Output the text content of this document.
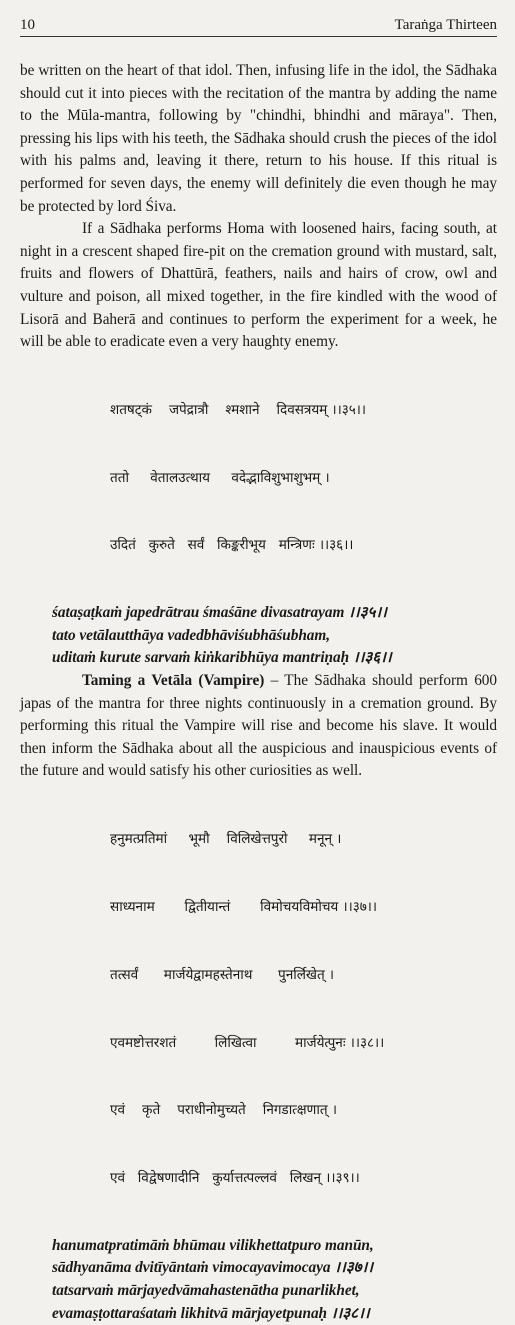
10	Taraṅga Thirteen

be written on the heart of that idol. Then, infusing life in the idol, the Sādhaka should cut it into pieces with the recitation of the mantra by adding the name to the Mūla-mantra, following by "chindhi, bhindhi and māraya". Then, pressing his lips with his teeth, the Sādhaka should crush the pieces of the idol with his palms and, leaving it there, return to his house. If this ritual is performed for seven days, the enemy will definitely die even though he may be protected by lord Śiva.

If a Sādhaka performs Homa with loosened hairs, facing south, at night in a crescent shaped fire-pit on the cremation ground with mustard, salt, fruits and flowers of Dhattūrā, feathers, nails and hairs of crow, owl and vulture and poison, all mixed together, in the fire kindled with the wood of Lisorā and Baherā and continues to perform the experiment for a week, he will be able to eradicate even a very haughty enemy.

शतषट्कं    जपेद्रात्रौ    श्मशाने    दिवसत्रयम् ।।३५।।

ततो     वेतालउत्थाय     वदेद्भाविशुभाशुभम् ।

उदितं   कुरुते   सर्वं   किङ्करीभूय   मन्त्रिणः ।।३६।।

śataṣaṭkaṁ japedrātrau śmaśāne divasatrayam ।।३५।।
tato vetālautthāya vadedbhāviśubhāśubham,
uditaṁ kurute sarvaṁ kiṅkaribhūya mantriṇaḥ ।।३६।।

Taming a Vetāla (Vampire) – The Sādhaka should perform 600 japas of the mantra for three nights continuously in a cremation ground. By performing this ritual the Vampire will rise and become his slave. It would then inform the Sādhaka about all the auspicious and inauspicious events of the future and would satisfy his other curiosities as well.

हनुमत्प्रतिमां     भूमौ    विलिखेत्तपुरो     मनून् ।

साध्यनाम       द्वितीयान्तं       विमोचयविमोचय ।।३७।।

तत्सर्वं      मार्जयेद्वामहस्तेनाथ      पुनर्लिखेत् ।

एवमष्टोत्तरशतं         लिखित्वा         मार्जयेत्पुनः ।।३८।।

एवं    कृते    पराधीनोमुच्यते    निगडात्क्षणात् ।

एवं   विद्वेषणादीनि   कुर्यात्तत्पल्लवं   लिखन् ।।३९।।

hanumatpratimāṁ bhūmau vilikhettatpuro manūn,
sādhyanāma dvitīyāntaṁ vimocayavimocaya ।।३७।।
tatsarvaṁ mārjayedvāmahastenātha punarlikhet,
evamaṣṭottaraśataṁ likhitvā mārjayetpunaḥ ।।३८।।
